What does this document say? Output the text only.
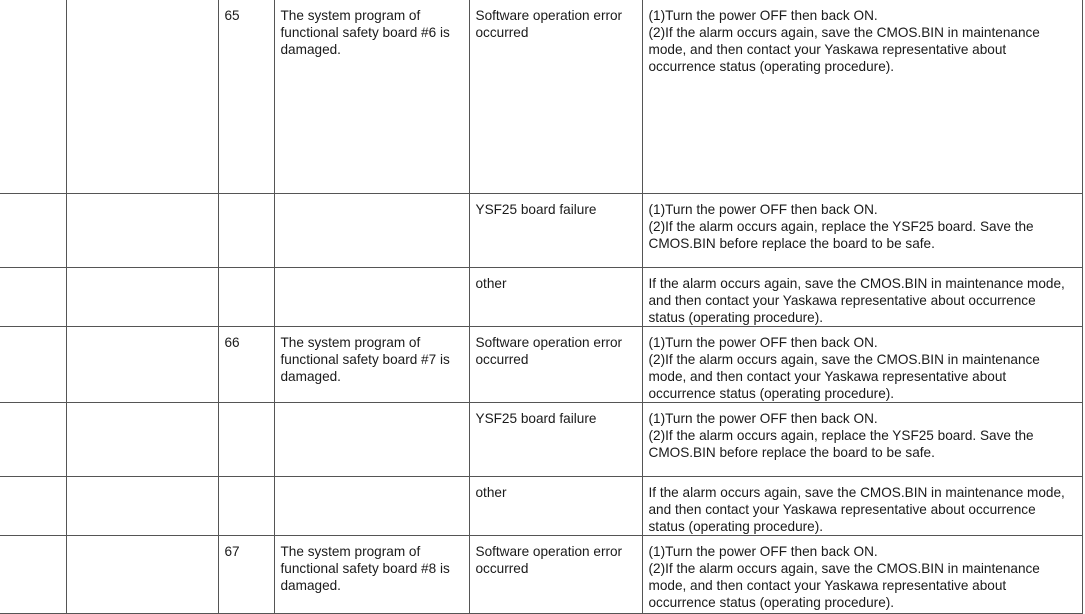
		65	The system program of functional safety board #6 is damaged.	Software operation error occurred	(1)Turn the power OFF then back ON.
(2)If the alarm occurs again, save the CMOS.BIN in maintenance mode, and then contact your Yaskawa representative about occurrence status (operating procedure).

				YSF25 board failure	(1)Turn the power OFF then back ON.
(2)If the alarm occurs again, replace the YSF25 board. Save the CMOS.BIN before replace the board to be safe.

				other	If the alarm occurs again, save the CMOS.BIN in maintenance mode, and then contact your Yaskawa representative about occurrence status (operating procedure).

		66	The system program of functional safety board #7 is damaged.	Software operation error occurred	(1)Turn the power OFF then back ON.
(2)If the alarm occurs again, save the CMOS.BIN in maintenance mode, and then contact your Yaskawa representative about occurrence status (operating procedure).

				YSF25 board failure	(1)Turn the power OFF then back ON.
(2)If the alarm occurs again, replace the YSF25 board. Save the CMOS.BIN before replace the board to be safe.

				other	If the alarm occurs again, save the CMOS.BIN in maintenance mode, and then contact your Yaskawa representative about occurrence status (operating procedure).

		67	The system program of functional safety board #8 is damaged.	Software operation error occurred	(1)Turn the power OFF then back ON.
(2)If the alarm occurs again, save the CMOS.BIN in maintenance mode, and then contact your Yaskawa representative about occurrence status (operating procedure).
